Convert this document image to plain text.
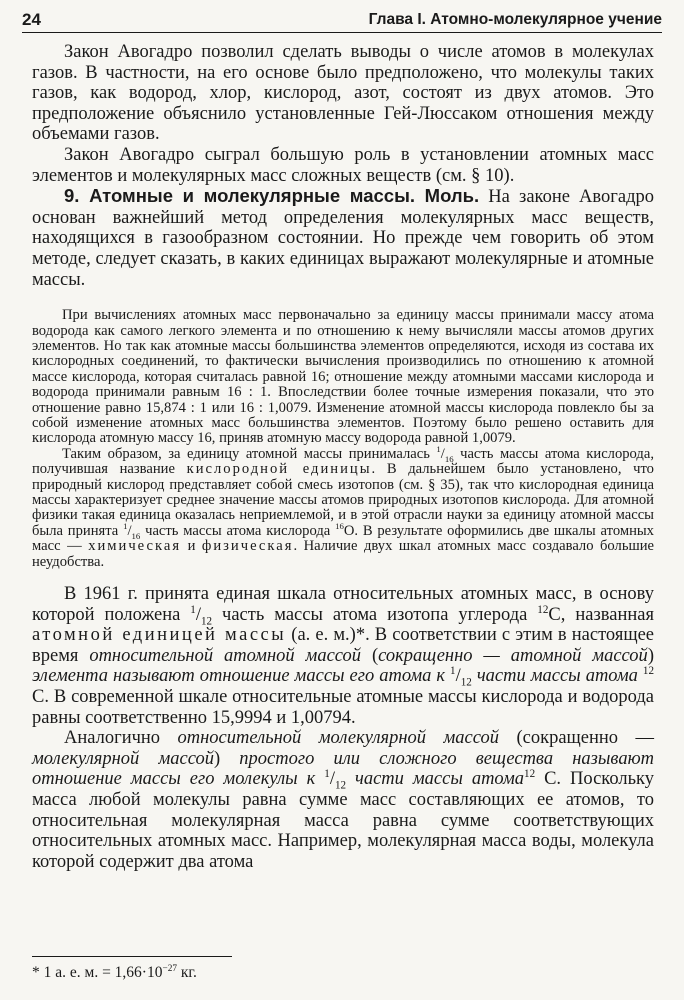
24	Глава I. Атомно-молекулярное учение

Закон Авогадро позволил сделать выводы о числе атомов в молекулах газов. В частности, на его основе было предположено, что молекулы таких газов, как водород, хлор, кислород, азот, состоят из двух атомов. Это предположение объяснило установленные Гей-Люссаком отношения между объемами газов.

Закон Авогадро сыграл большую роль в установлении атомных масс элементов и молекулярных масс сложных веществ (см. § 10).

9. Атомные и молекулярные массы. Моль. На законе Авогадро основан важнейший метод определения молекулярных масс веществ, находящихся в газообразном состоянии. Но прежде чем говорить об этом методе, следует сказать, в каких единицах выражают молекулярные и атомные массы.

При вычислениях атомных масс первоначально за единицу массы принимали массу атома водорода как самого легкого элемента и по отношению к нему вычисляли массы атомов других элементов. Но так как атомные массы большинства элементов определяются, исходя из состава их кислородных соединений, то фактически вычисления производились по отношению к атомной массе кислорода, которая считалась равной 16; отношение между атомными массами кислорода и водорода принимали равным 16 : 1. Впоследствии более точные измерения показали, что это отношение равно 15,874 : 1 или 16 : 1,0079. Изменение атомной массы кислорода повлекло бы за собой изменение атомных масс большинства элементов. Поэтому было решено оставить для кислорода атомную массу 16, приняв атомную массу водорода равной 1,0079.

Таким образом, за единицу атомной массы принималась $^1/_{16}$ часть массы атома кислорода, получившая название кислородной единицы. В дальнейшем было установлено, что природный кислород представляет собой смесь изотопов (см. § 35), так что кислородная единица массы характеризует среднее значение массы атомов природных изотопов кислорода. Для атомной физики такая единица оказалась неприемлемой, и в этой отрасли науки за единицу атомной массы была принята $^1/_{16}$ часть массы атома кислорода $^{16}$O. В результате оформились две шкалы атомных масс — химическая и физическая. Наличие двух шкал атомных масс создавало большие неудобства.

В 1961 г. принята единая шкала относительных атомных масс, в основу которой положена $^1/_{12}$ часть массы атома изотопа углерода $^{12}$C, названная атомной единицей массы (а. е. м.)*. В соответствии с этим в настоящее время относительной атомной массой (сокращенно — атомной массой) элемента называют отношение массы его атома к $^1/_{12}$ части массы атома $^{12}$ C. В современной шкале относительные атомные массы кислорода и водорода равны соответственно 15,9994 и 1,00794.

Аналогично относительной молекулярной массой (сокращенно — молекулярной массой) простого или сложного вещества называют отношение массы его молекулы к $^1/_{12}$ части массы атома$^{12}$ C. Поскольку масса любой молекулы равна сумме масс составляющих ее атомов, то относительная молекулярная масса равна сумме соответствующих относительных атомных масс. Например, молекулярная масса воды, молекула которой содержит два атома

* 1 а. е. м. = $1,66\cdot 10^{-27}$ кг.
